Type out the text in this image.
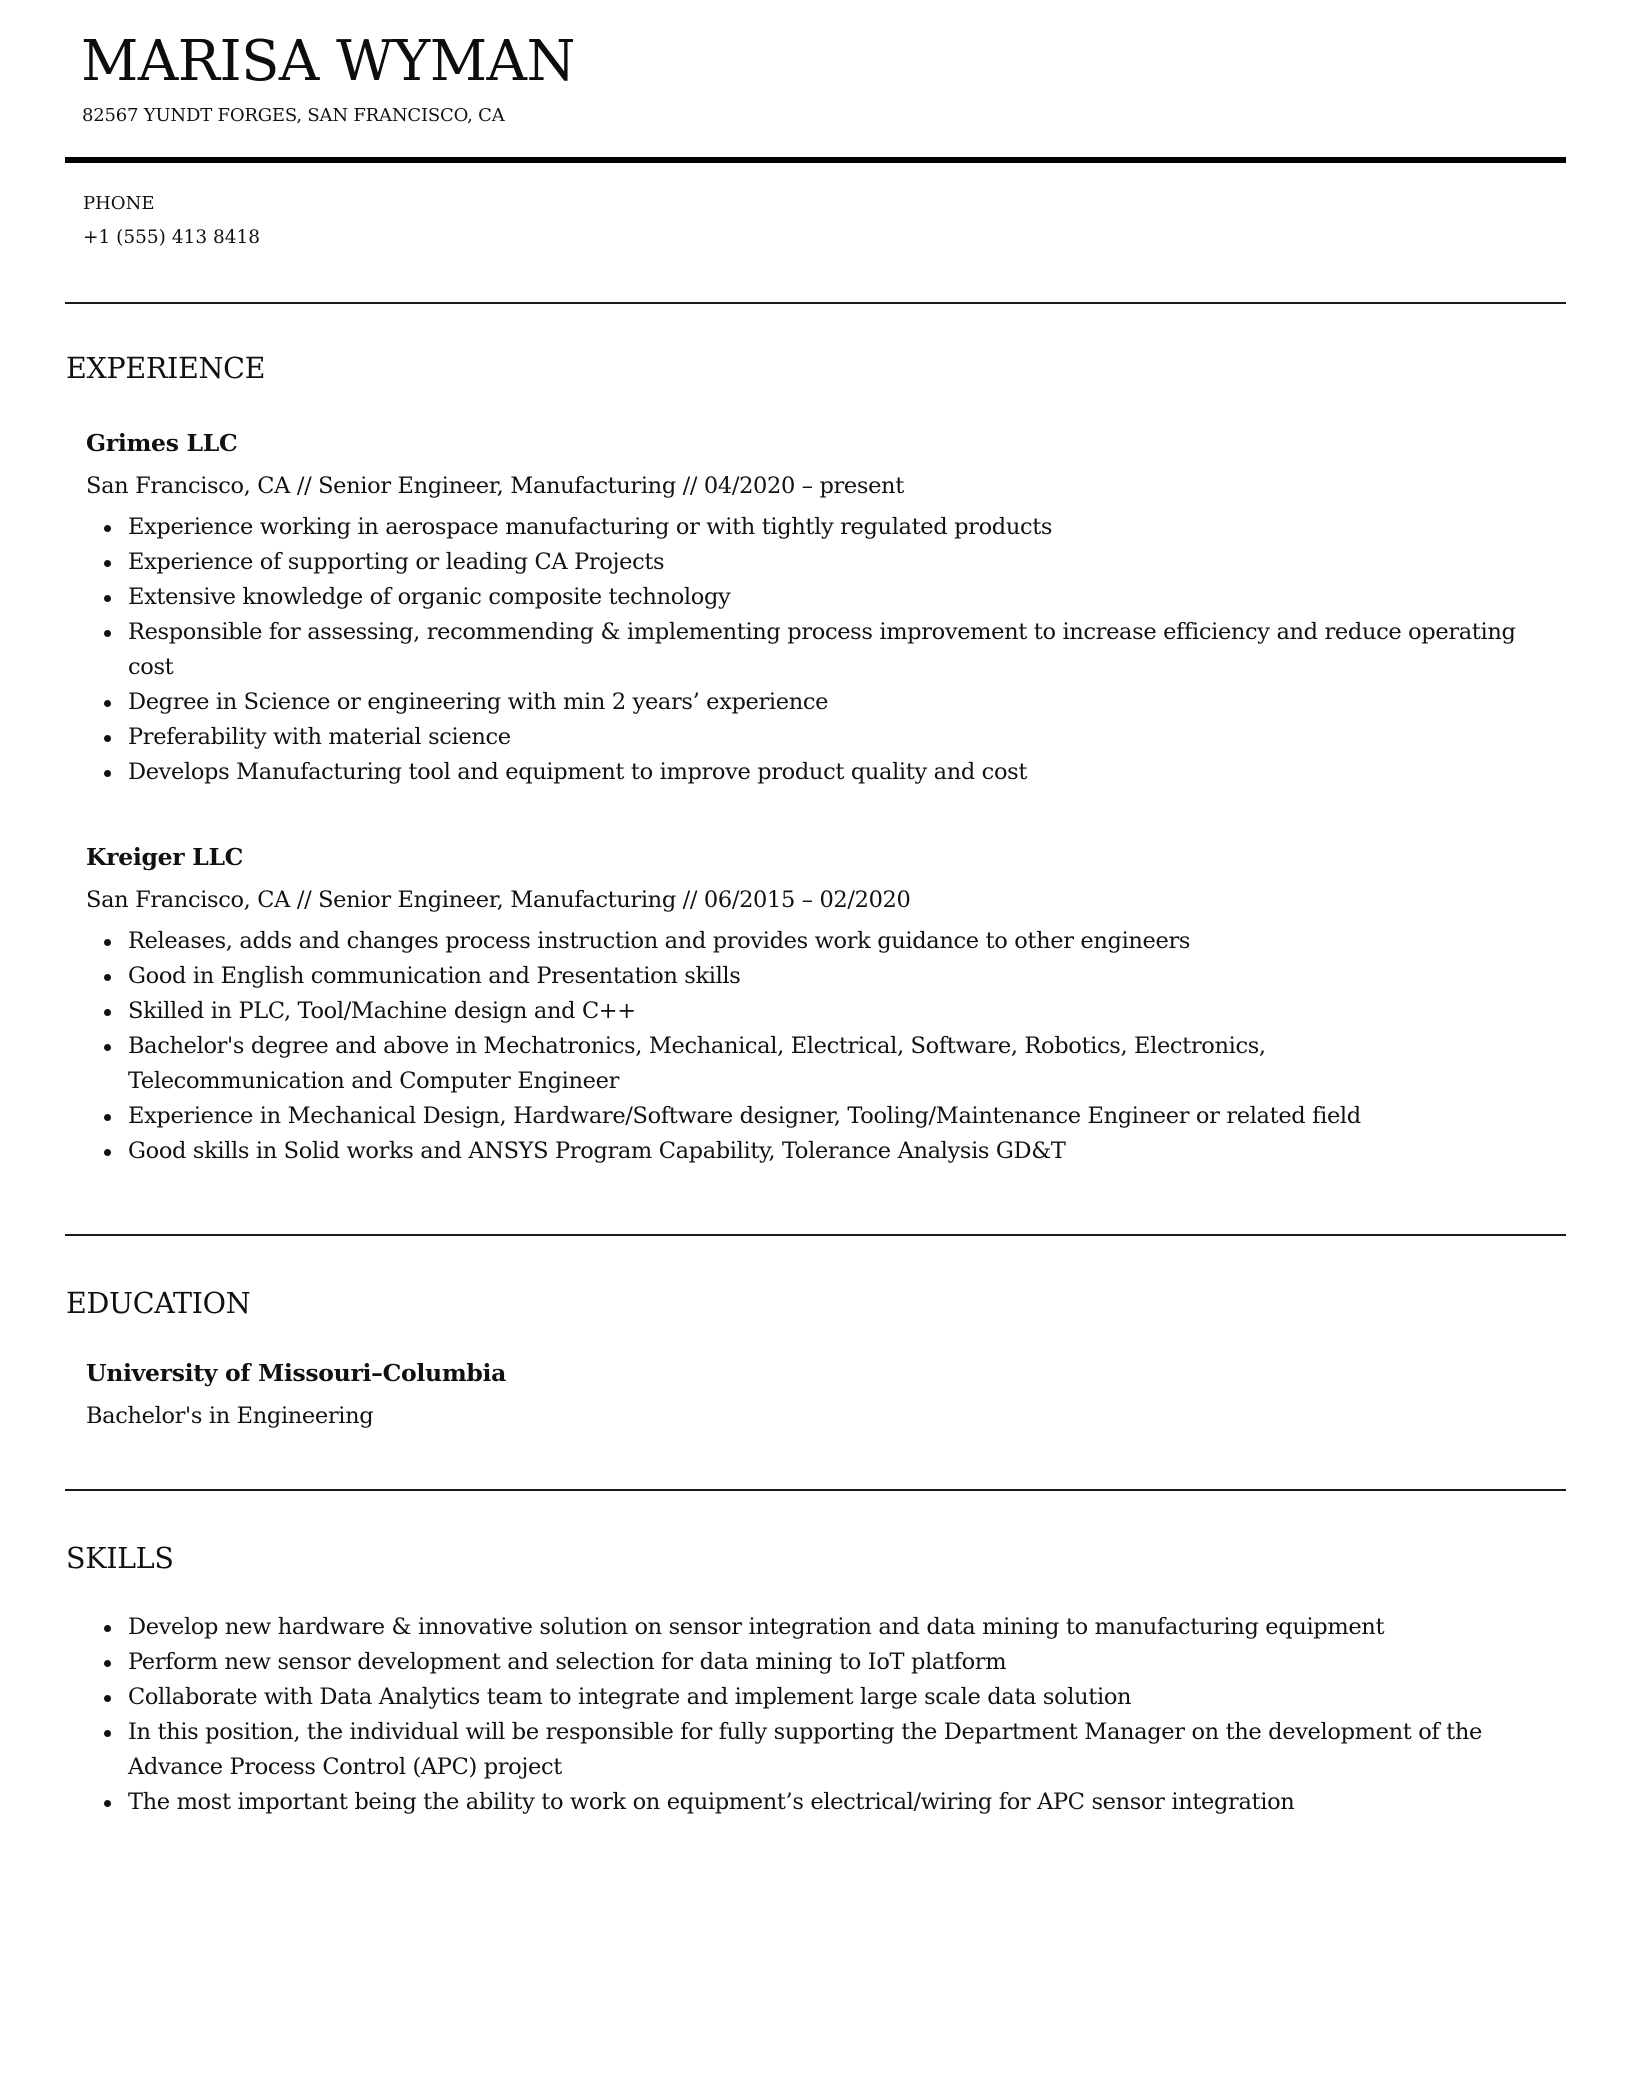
MARISA WYMAN
82567 YUNDT FORGES, SAN FRANCISCO, CA
PHONE
+1 (555) 413 8418
EXPERIENCE
Grimes LLC
San Francisco, CA // Senior Engineer, Manufacturing // 04/2020 – present
Experience working in aerospace manufacturing or with tightly regulated products
Experience of supporting or leading CA Projects
Extensive knowledge of organic composite technology
Responsible for assessing, recommending & implementing process improvement to increase efficiency and reduce operating cost
Degree in Science or engineering with min 2 years’ experience
Preferability with material science
Develops Manufacturing tool and equipment to improve product quality and cost
Kreiger LLC
San Francisco, CA // Senior Engineer, Manufacturing // 06/2015 – 02/2020
Releases, adds and changes process instruction and provides work guidance to other engineers
Good in English communication and Presentation skills
Skilled in PLC, Tool/Machine design and C++
Bachelor's degree and above in Mechatronics, Mechanical, Electrical, Software, Robotics, Electronics, Telecommunication and Computer Engineer
Experience in Mechanical Design, Hardware/Software designer, Tooling/Maintenance Engineer or related field
Good skills in Solid works and ANSYS Program Capability, Tolerance Analysis GD&T
EDUCATION
University of Missouri–Columbia
Bachelor's in Engineering
SKILLS
Develop new hardware & innovative solution on sensor integration and data mining to manufacturing equipment
Perform new sensor development and selection for data mining to IoT platform
Collaborate with Data Analytics team to integrate and implement large scale data solution
In this position, the individual will be responsible for fully supporting the Department Manager on the development of the Advance Process Control (APC) project
The most important being the ability to work on equipment’s electrical/wiring for APC sensor integration
